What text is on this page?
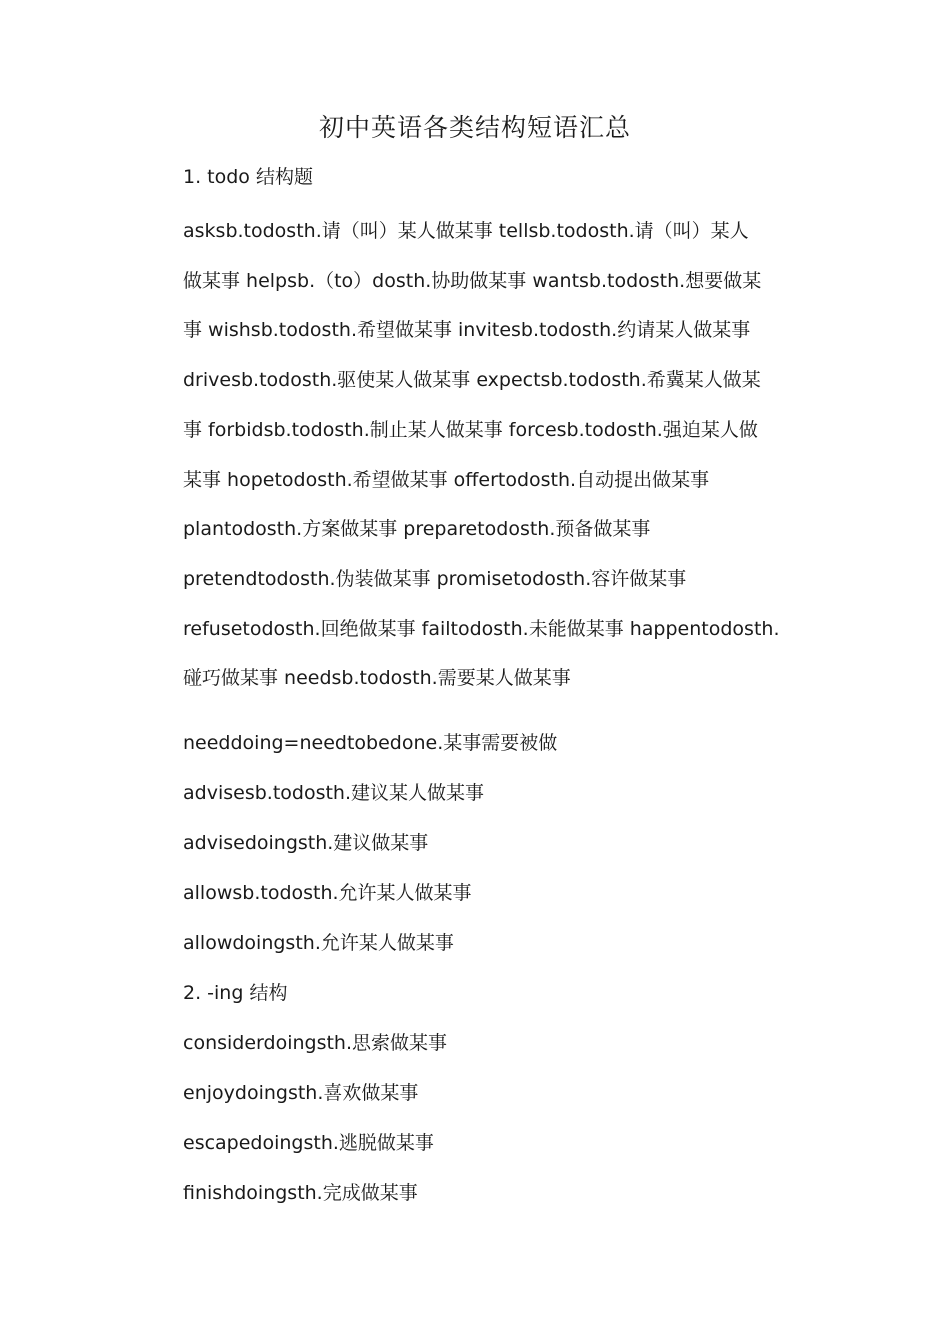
初中英语各类结构短语汇总
1. todo 结构题
asksb.todosth.请（叫）某人做某事 tellsb.todosth.请（叫）某人
做某事 helpsb.（to）dosth.协助做某事 wantsb.todosth.想要做某
事 wishsb.todosth.希望做某事 invitesb.todosth.约请某人做某事
drivesb.todosth.驱使某人做某事 expectsb.todosth.希冀某人做某
事 forbidsb.todosth.制止某人做某事 forcesb.todosth.强迫某人做
某事 hopetodosth.希望做某事 offertodosth.自动提出做某事
plantodosth.方案做某事 preparetodosth.预备做某事
pretendtodosth.伪装做某事 promisetodosth.容许做某事
refusetodosth.回绝做某事 failtodosth.未能做某事 happentodosth.
碰巧做某事 needsb.todosth.需要某人做某事
needdoing=needtobedone.某事需要被做
advisesb.todosth.建议某人做某事
advisedoingsth.建议做某事
allowsb.todosth.允许某人做某事
allowdoingsth.允许某人做某事
2. -ing 结构
considerdoingsth.思索做某事
enjoydoingsth.喜欢做某事
escapedoingsth.逃脱做某事
finishdoingsth.完成做某事
